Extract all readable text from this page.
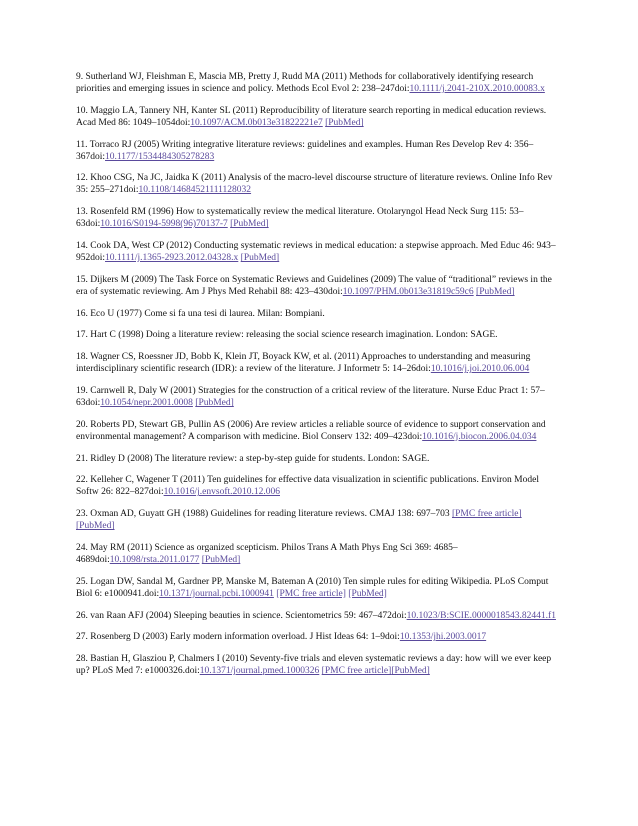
9. Sutherland WJ, Fleishman E, Mascia MB, Pretty J, Rudd MA (2011) Methods for collaboratively identifying research priorities and emerging issues in science and policy. Methods Ecol Evol 2: 238–247doi:10.1111/j.2041-210X.2010.00083.x

10. Maggio LA, Tannery NH, Kanter SL (2011) Reproducibility of literature search reporting in medical education reviews. Acad Med 86: 1049–1054doi:10.1097/ACM.0b013e31822221e7 [PubMed]

11. Torraco RJ (2005) Writing integrative literature reviews: guidelines and examples. Human Res Develop Rev 4: 356–367doi:10.1177/1534484305278283

12. Khoo CSG, Na JC, Jaidka K (2011) Analysis of the macro-level discourse structure of literature reviews. Online Info Rev 35: 255–271doi:10.1108/14684521111128032

13. Rosenfeld RM (1996) How to systematically review the medical literature. Otolaryngol Head Neck Surg 115: 53–63doi:10.1016/S0194-5998(96)70137-7 [PubMed]

14. Cook DA, West CP (2012) Conducting systematic reviews in medical education: a stepwise approach. Med Educ 46: 943–952doi:10.1111/j.1365-2923.2012.04328.x [PubMed]

15. Dijkers M (2009) The Task Force on Systematic Reviews and Guidelines (2009) The value of “traditional” reviews in the era of systematic reviewing. Am J Phys Med Rehabil 88: 423–430doi:10.1097/PHM.0b013e31819c59c6 [PubMed]

16. Eco U (1977) Come si fa una tesi di laurea. Milan: Bompiani.

17. Hart C (1998) Doing a literature review: releasing the social science research imagination. London: SAGE.

18. Wagner CS, Roessner JD, Bobb K, Klein JT, Boyack KW, et al. (2011) Approaches to understanding and measuring interdisciplinary scientific research (IDR): a review of the literature. J Informetr 5: 14–26doi:10.1016/j.joi.2010.06.004

19. Carnwell R, Daly W (2001) Strategies for the construction of a critical review of the literature. Nurse Educ Pract 1: 57–63doi:10.1054/nepr.2001.0008 [PubMed]

20. Roberts PD, Stewart GB, Pullin AS (2006) Are review articles a reliable source of evidence to support conservation and environmental management? A comparison with medicine. Biol Conserv 132: 409–423doi:10.1016/j.biocon.2006.04.034

21. Ridley D (2008) The literature review: a step-by-step guide for students. London: SAGE.

22. Kelleher C, Wagener T (2011) Ten guidelines for effective data visualization in scientific publications. Environ Model Softw 26: 822–827doi:10.1016/j.envsoft.2010.12.006

23. Oxman AD, Guyatt GH (1988) Guidelines for reading literature reviews. CMAJ 138: 697–703 [PMC free article] [PubMed]

24. May RM (2011) Science as organized scepticism. Philos Trans A Math Phys Eng Sci 369: 4685–4689doi:10.1098/rsta.2011.0177 [PubMed]

25. Logan DW, Sandal M, Gardner PP, Manske M, Bateman A (2010) Ten simple rules for editing Wikipedia. PLoS Comput Biol 6: e1000941.doi:10.1371/journal.pcbi.1000941 [PMC free article] [PubMed]

26. van Raan AFJ (2004) Sleeping beauties in science. Scientometrics 59: 467–472doi:10.1023/B:SCIE.0000018543.82441.f1

27. Rosenberg D (2003) Early modern information overload. J Hist Ideas 64: 1–9doi:10.1353/jhi.2003.0017

28. Bastian H, Glasziou P, Chalmers I (2010) Seventy-five trials and eleven systematic reviews a day: how will we ever keep up? PLoS Med 7: e1000326.doi:10.1371/journal.pmed.1000326 [PMC free article][PubMed]
